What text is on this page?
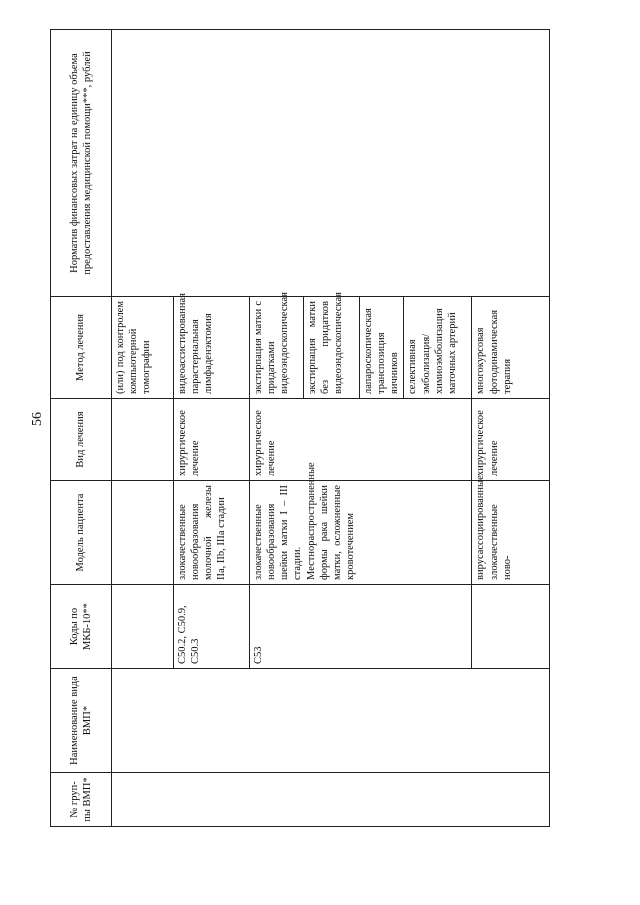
56
№ груп-пы ВМП*	Наименование вида ВМП*	Коды по МКБ-10**	Модель пациента	Вид лечения	Метод лечения	Норматив финансовых затрат на единицу объема предоставления медицинской помощи***, рублей
					(или) под контролем компьютерной томографии	
		C50.2, C50.9, C50.3	злокачественные новообразования молочной железы IIa, IIb, IIIa стадии	хирургическое лечение	видеоассистированная парастернальная лимфаденэктомия	
		C53	злокачественные новообразования шейки матки I – III стадии. Местнораспространенные формы рака шейки матки, осложненные кровотечением	хирургическое лечение	экстирпация матки с придатками видеоэндоскопическая	
					экстирпация матки без придатков видеоэндоскопическая	
					лапароскопическая транспозиция яичников	
					селективная эмболизация/химиоэмболизация маточных артерий	
			вирусассоциированные злокачественные ново-	хирургическое лечение	многокурсовая фотодинамическая терапия	
